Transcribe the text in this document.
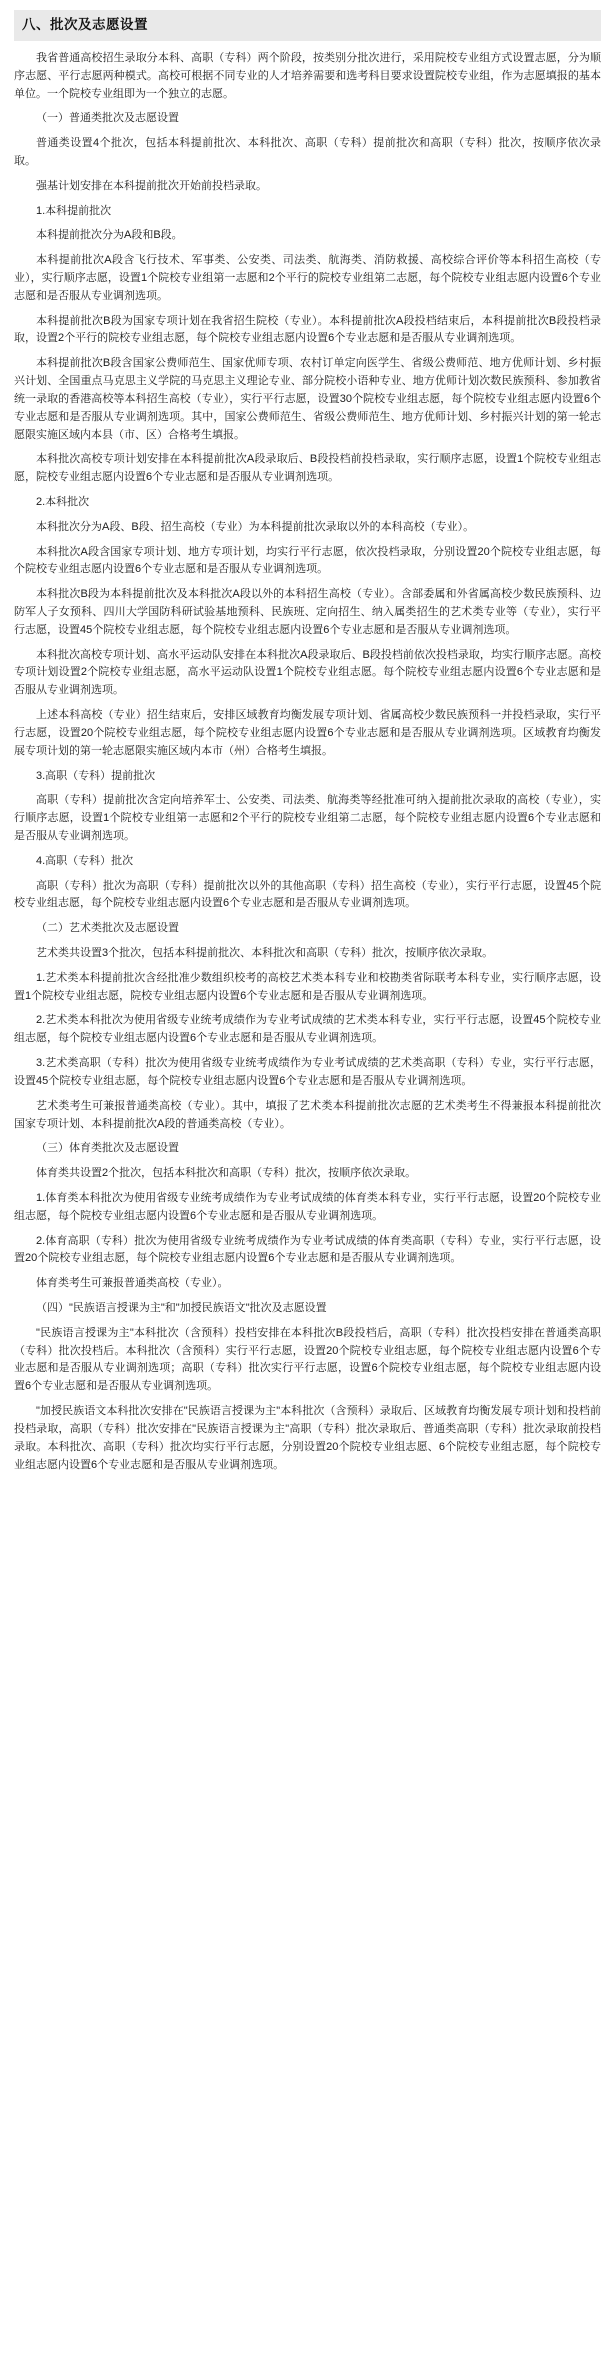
八、批次及志愿设置

我省普通高校招生录取分本科、高职（专科）两个阶段，按类别分批次进行，采用院校专业组方式设置志愿，分为顺序志愿、平行志愿两种模式。高校可根据不同专业的人才培养需要和选考科目要求设置院校专业组，作为志愿填报的基本单位。一个院校专业组即为一个独立的志愿。

（一）普通类批次及志愿设置

普通类设置4个批次，包括本科提前批次、本科批次、高职（专科）提前批次和高职（专科）批次，按顺序依次录取。

强基计划安排在本科提前批次开始前投档录取。

1.本科提前批次

本科提前批次分为A段和B段。

本科提前批次A段含飞行技术、军事类、公安类、司法类、航海类、消防救援、高校综合评价等本科招生高校（专业），实行顺序志愿，设置1个院校专业组第一志愿和2个平行的院校专业组第二志愿，每个院校专业组志愿内设置6个专业志愿和是否服从专业调剂选项。

本科提前批次B段为国家专项计划在我省招生院校（专业）。本科提前批次A段投档结束后，本科提前批次B段投档录取，设置2个平行的院校专业组志愿，每个院校专业组志愿内设置6个专业志愿和是否服从专业调剂选项。

本科提前批次B段含国家公费师范生、国家优师专项、农村订单定向医学生、省级公费师范、地方优师计划、乡村振兴计划、全国重点马克思主义学院的马克思主义理论专业、部分院校小语种专业、地方优师计划次数民族预科、参加教省统一录取的香港高校等本科招生高校（专业），实行平行志愿，设置30个院校专业组志愿，每个院校专业组志愿内设置6个专业志愿和是否服从专业调剂选项。其中，国家公费师范生、省级公费师范生、地方优师计划、乡村振兴计划的第一轮志愿限实施区域内本县（市、区）合格考生填报。

本科批次高校专项计划安排在本科提前批次A段录取后、B段投档前投档录取，实行顺序志愿，设置1个院校专业组志愿，院校专业组志愿内设置6个专业志愿和是否服从专业调剂选项。

2.本科批次

本科批次分为A段、B段、招生高校（专业）为本科提前批次录取以外的本科高校（专业）。

本科批次A段含国家专项计划、地方专项计划，均实行平行志愿，依次投档录取，分别设置20个院校专业组志愿，每个院校专业组志愿内设置6个专业志愿和是否服从专业调剂选项。

本科批次B段为本科提前批次及本科批次A段以外的本科招生高校（专业）。含部委属和外省属高校少数民族预科、边防军人子女预科、四川大学国防科研试验基地预科、民族班、定向招生、纳入属类招生的艺术类专业等（专业），实行平行志愿，设置45个院校专业组志愿，每个院校专业组志愿内设置6个专业志愿和是否服从专业调剂选项。

本科批次高校专项计划、高水平运动队安排在本科批次A段录取后、B段投档前依次投档录取，均实行顺序志愿。高校专项计划设置2个院校专业组志愿，高水平运动队设置1个院校专业组志愿。每个院校专业组志愿内设置6个专业志愿和是否服从专业调剂选项。

上述本科高校（专业）招生结束后，安排区域教育均衡发展专项计划、省属高校少数民族预科一并投档录取，实行平行志愿，设置20个院校专业组志愿，每个院校专业组志愿内设置6个专业志愿和是否服从专业调剂选项。区域教育均衡发展专项计划的第一轮志愿限实施区域内本市（州）合格考生填报。

3.高职（专科）提前批次

高职（专科）提前批次含定向培养军士、公安类、司法类、航海类等经批准可纳入提前批次录取的高校（专业），实行顺序志愿，设置1个院校专业组第一志愿和2个平行的院校专业组第二志愿，每个院校专业组志愿内设置6个专业志愿和是否服从专业调剂选项。

4.高职（专科）批次

高职（专科）批次为高职（专科）提前批次以外的其他高职（专科）招生高校（专业），实行平行志愿，设置45个院校专业组志愿，每个院校专业组志愿内设置6个专业志愿和是否服从专业调剂选项。

（二）艺术类批次及志愿设置

艺术类共设置3个批次，包括本科提前批次、本科批次和高职（专科）批次，按顺序依次录取。

1.艺术类本科提前批次含经批准少数组织校考的高校艺术类本科专业和校勘类省际联考本科专业，实行顺序志愿，设置1个院校专业组志愿，院校专业组志愿内设置6个专业志愿和是否服从专业调剂选项。

2.艺术类本科批次为使用省级专业统考成绩作为专业考试成绩的艺术类本科专业，实行平行志愿，设置45个院校专业组志愿，每个院校专业组志愿内设置6个专业志愿和是否服从专业调剂选项。

3.艺术类高职（专科）批次为使用省级专业统考成绩作为专业考试成绩的艺术类高职（专科）专业，实行平行志愿，设置45个院校专业组志愿，每个院校专业组志愿内设置6个专业志愿和是否服从专业调剂选项。

艺术类考生可兼报普通类高校（专业）。其中，填报了艺术类本科提前批次志愿的艺术类考生不得兼报本科提前批次国家专项计划、本科提前批次A段的普通类高校（专业）。

（三）体育类批次及志愿设置

体育类共设置2个批次，包括本科批次和高职（专科）批次，按顺序依次录取。

1.体育类本科批次为使用省级专业统考成绩作为专业考试成绩的体育类本科专业，实行平行志愿，设置20个院校专业组志愿，每个院校专业组志愿内设置6个专业志愿和是否服从专业调剂选项。

2.体育高职（专科）批次为使用省级专业统考成绩作为专业考试成绩的体育类高职（专科）专业，实行平行志愿，设置20个院校专业组志愿，每个院校专业组志愿内设置6个专业志愿和是否服从专业调剂选项。

体育类考生可兼报普通类高校（专业）。

（四）"民族语言授课为主"和"加授民族语文"批次及志愿设置

"民族语言授课为主"本科批次（含预科）投档安排在本科批次B段投档后，高职（专科）批次投档安排在普通类高职（专科）批次投档后。本科批次（含预科）实行平行志愿，设置20个院校专业组志愿，每个院校专业组志愿内设置6个专业志愿和是否服从专业调剂选项；高职（专科）批次实行平行志愿，设置6个院校专业组志愿，每个院校专业组志愿内设置6个专业志愿和是否服从专业调剂选项。

"加授民族语文本科批次安排在"民族语言授课为主"本科批次（含预科）录取后、区域教育均衡发展专项计划和投档前投档录取，高职（专科）批次安排在"民族语言授课为主"高职（专科）批次录取后、普通类高职（专科）批次录取前投档录取。本科批次、高职（专科）批次均实行平行志愿，分别设置20个院校专业组志愿、6个院校专业组志愿，每个院校专业组志愿内设置6个专业志愿和是否服从专业调剂选项。
